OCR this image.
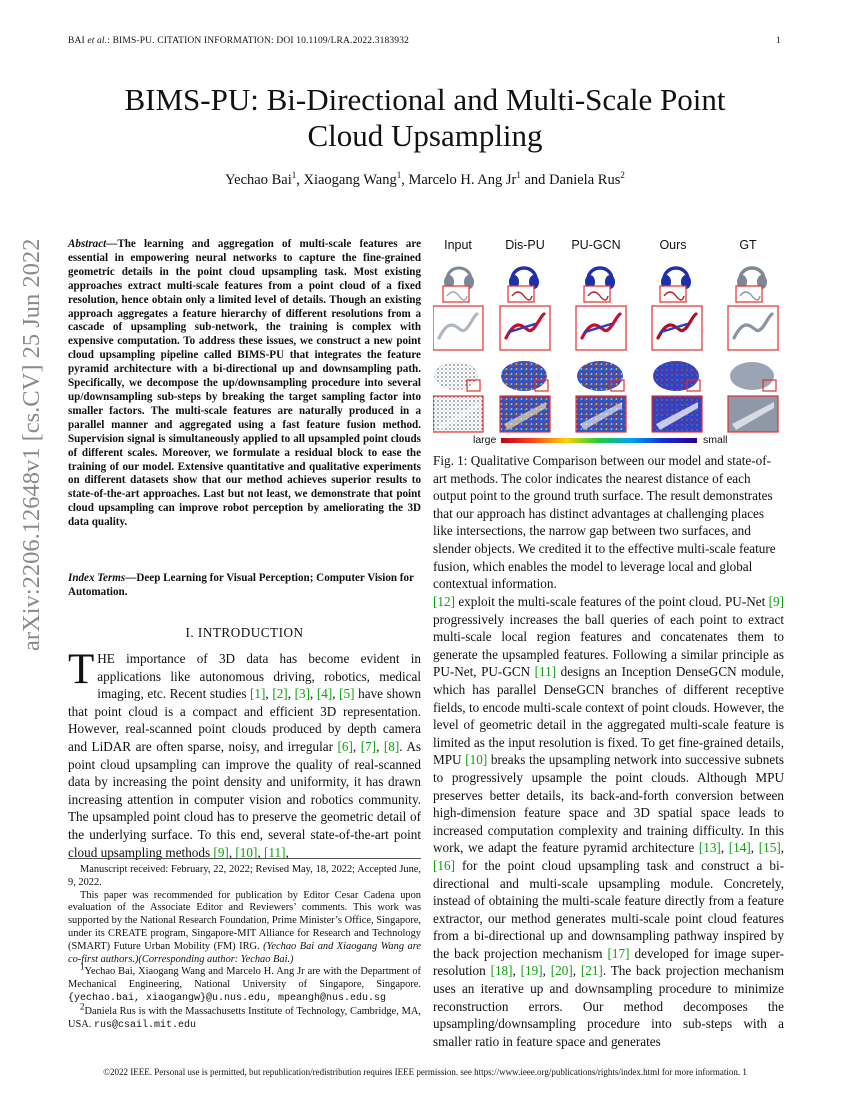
BAI et al.: BIMS-PU. CITATION INFORMATION: DOI 10.1109/LRA.2022.3183932	1
arXiv:2206.12648v1 [cs.CV] 25 Jun 2022
BIMS-PU: Bi-Directional and Multi-Scale Point
Cloud Upsampling
Yechao Bai$^1$, Xiaogang Wang$^1$, Marcelo H. Ang Jr$^1$ and Daniela Rus$^2$
Abstract—The learning and aggregation of multi-scale features are essential in empowering neural networks to capture the fine-grained geometric details in the point cloud upsampling task. Most existing approaches extract multi-scale features from a point cloud of a fixed resolution, hence obtain only a limited level of details. Though an existing approach aggregates a feature hierarchy of different resolutions from a cascade of upsampling sub-network, the training is complex with expensive computation. To address these issues, we construct a new point cloud upsampling pipeline called BIMS-PU that integrates the feature pyramid architecture with a bi-directional up and downsampling path. Specifically, we decompose the up/downsampling procedure into several up/downsampling sub-steps by breaking the target sampling factor into smaller factors. The multi-scale features are naturally produced in a parallel manner and aggregated using a fast feature fusion method. Supervision signal is simultaneously applied to all upsampled point clouds of different scales. Moreover, we formulate a residual block to ease the training of our model. Extensive quantitative and qualitative experiments on different datasets show that our method achieves superior results to state-of-the-art approaches. Last but not least, we demonstrate that point cloud upsampling can improve robot perception by ameliorating the 3D data quality.
Index Terms—Deep Learning for Visual Perception; Computer Vision for Automation.
I. INTRODUCTION
THE importance of 3D data has become evident in applications like autonomous driving, robotics, medical imaging, etc. Recent studies [1], [2], [3], [4], [5] have shown that point cloud is a compact and efficient 3D representation. However, real-scanned point clouds produced by depth camera and LiDAR are often sparse, noisy, and irregular [6], [7], [8]. As point cloud upsampling can improve the quality of real-scanned data by increasing the point density and uniformity, it has drawn increasing attention in computer vision and robotics community. The upsampled point cloud has to preserve the geometric detail of the underlying surface. To this end, several state-of-the-art point cloud upsampling methods [9], [10], [11],

Manuscript received: February, 22, 2022; Revised May, 18, 2022; Accepted June, 9, 2022.

This paper was recommended for publication by Editor Cesar Cadena upon evaluation of the Associate Editor and Reviewers’ comments. This work was supported by the National Research Foundation, Prime Minister’s Office, Singapore, under its CREATE program, Singapore-MIT Alliance for Research and Technology (SMART) Future Urban Mobility (FM) IRG. (Yechao Bai and Xiaogang Wang are co-first authors.)(Corresponding author: Yechao Bai.)

$^1$Yechao Bai, Xiaogang Wang and Marcelo H. Ang Jr are with the Department of Mechanical Engineering, National University of Singapore, Singapore. {yechao.bai, xiaogangw}@u.nus.edu, mpeangh@nus.edu.sg

$^2$Daniela Rus is with the Massachusetts Institute of Technology, Cambridge, MA, USA. rus@csail.mit.edu

Input	Dis-PU	PU-GCN	Ours	GT
large	small
Fig. 1: Qualitative Comparison between our model and state-of-art methods. The color indicates the nearest distance of each output point to the ground truth surface. The result demonstrates that our approach has distinct advantages at challenging places like intersections, the narrow gap between two surfaces, and slender objects. We credited it to the effective multi-scale feature fusion, which enables the model to leverage local and global contextual information.
[12] exploit the multi-scale features of the point cloud. PU-Net [9] progressively increases the ball queries of each point to extract multi-scale local region features and concatenates them to generate the upsampled features. Following a similar principle as PU-Net, PU-GCN [11] designs an Inception DenseGCN module, which has parallel DenseGCN branches of different receptive fields, to encode multi-scale context of point clouds. However, the level of geometric detail in the aggregated multi-scale feature is limited as the input resolution is fixed. To get fine-grained details, MPU [10] breaks the upsampling network into successive subnets to progressively upsample the point clouds. Although MPU preserves better details, its back-and-forth conversion between high-dimension feature space and 3D spatial space leads to increased computation complexity and training difficulty. In this work, we adapt the feature pyramid architecture [13], [14], [15], [16] for the point cloud upsampling task and construct a bi-directional and multi-scale upsampling module. Concretely, instead of obtaining the multi-scale feature directly from a feature extractor, our method generates multi-scale point cloud features from a bi-directional up and downsampling pathway inspired by the back projection mechanism [17] developed for image super-resolution [18], [19], [20], [21]. The back projection mechanism uses an iterative up and downsampling procedure to minimize reconstruction errors. Our method decomposes the upsampling/downsampling procedure into sub-steps with a smaller ratio in feature space and generates
©2022 IEEE. Personal use is permitted, but republication/redistribution requires IEEE permission. see https://www.ieee.org/publications/rights/index.html for more information. 1
